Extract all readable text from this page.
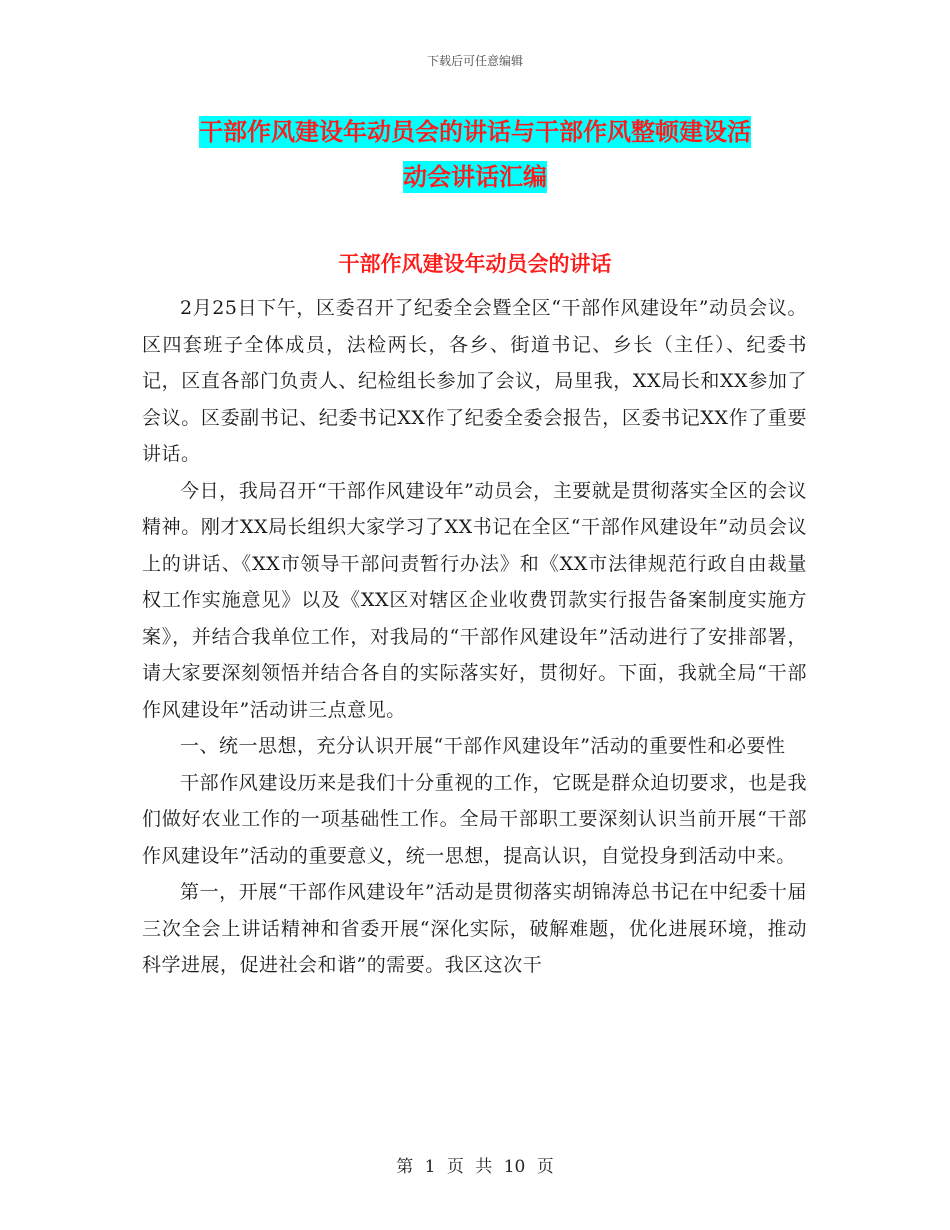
下载后可任意编辑
干部作风建设年动员会的讲话与干部作风整顿建设活
动会讲话汇编
干部作风建设年动员会的讲话

2月25日下午，区委召开了纪委全会暨全区“干部作风建设年”动员会议。区四套班子全体成员，法检两长，各乡、街道书记、乡长（主任）、纪委书记，区直各部门负责人、纪检组长参加了会议，局里我，XX局长和XX参加了会议。区委副书记、纪委书记XX作了纪委全委会报告，区委书记XX作了重要讲话。

今日，我局召开“干部作风建设年”动员会，主要就是贯彻落实全区的会议精神。刚才XX局长组织大家学习了XX书记在全区“干部作风建设年”动员会议上的讲话、《XX市领导干部问责暂行办法》和《XX市法律规范行政自由裁量权工作实施意见》以及《XX区对辖区企业收费罚款实行报告备案制度实施方案》，并结合我单位工作，对我局的“干部作风建设年”活动进行了安排部署，请大家要深刻领悟并结合各自的实际落实好，贯彻好。下面，我就全局“干部作风建设年”活动讲三点意见。

一、统一思想，充分认识开展“干部作风建设年”活动的重要性和必要性

干部作风建设历来是我们十分重视的工作，它既是群众迫切要求，也是我们做好农业工作的一项基础性工作。全局干部职工要深刻认识当前开展“干部作风建设年”活动的重要意义，统一思想，提高认识，自觉投身到活动中来。

第一，开展“干部作风建设年”活动是贯彻落实胡锦涛总书记在中纪委十届三次全会上讲话精神和省委开展“深化实际，破解难题，优化进展环境，推动科学进展，促进社会和谐”的需要。我区这次干

第 1 页 共 10 页
